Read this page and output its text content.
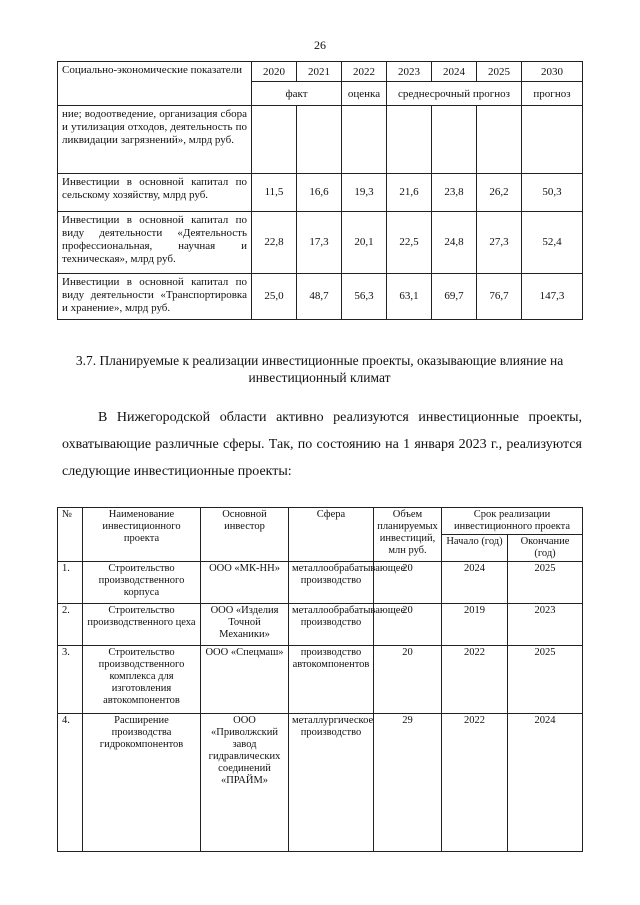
26
Социально-экономические показатели	2020	2021	2022	2023	2024	2025	2030
	факт		оценка	среднесрочный прогноз			прогноз
ние; водоотведение, организация сбора и утилизация отходов, деятельность по ликвидации загрязнений», млрд руб.							
Инвестиции в основной капитал по сельскому хозяйству, млрд руб.	11,5	16,6	19,3	21,6	23,8	26,2	50,3
Инвестиции в основной капитал по виду деятельности «Деятельность профессиональная, научная и техническая», млрд руб.	22,8	17,3	20,1	22,5	24,8	27,3	52,4
Инвестиции в основной капитал по виду деятельности «Транспортировка и хранение», млрд руб.	25,0	48,7	56,3	63,1	69,7	76,7	147,3
3.7. Планируемые к реализации инвестиционные проекты, оказывающие влияние на инвестиционный климат

В Нижегородской области активно реализуются инвестиционные проекты, охватывающие различные сферы. Так, по состоянию на 1 января 2023 г., реализуются следующие инвестиционные проекты:

№	Наименование инвестиционного проекта	Основной инвестор	Сфера	Объем планируемых инвестиций, млн руб.	Срок реализации инвестиционного проекта	
					Начало (год)	Окончание (год)
1.	Строительство производственного корпуса	ООО «МК-НН»	металлообрабатывающее производство	20	2024	2025
2.	Строительство производственного цеха	ООО «Изделия Точной Механики»	металлообрабатывающее производство	20	2019	2023
3.	Строительство производственного комплекса для изготовления автокомпонентов	ООО «Спецмаш»	производство автокомпонентов	20	2022	2025
4.	Расширение производства гидрокомпонентов	ООО «Приволжский завод гидравлических соединений «ПРАЙМ»	металлургическое производство	29	2022	2024
